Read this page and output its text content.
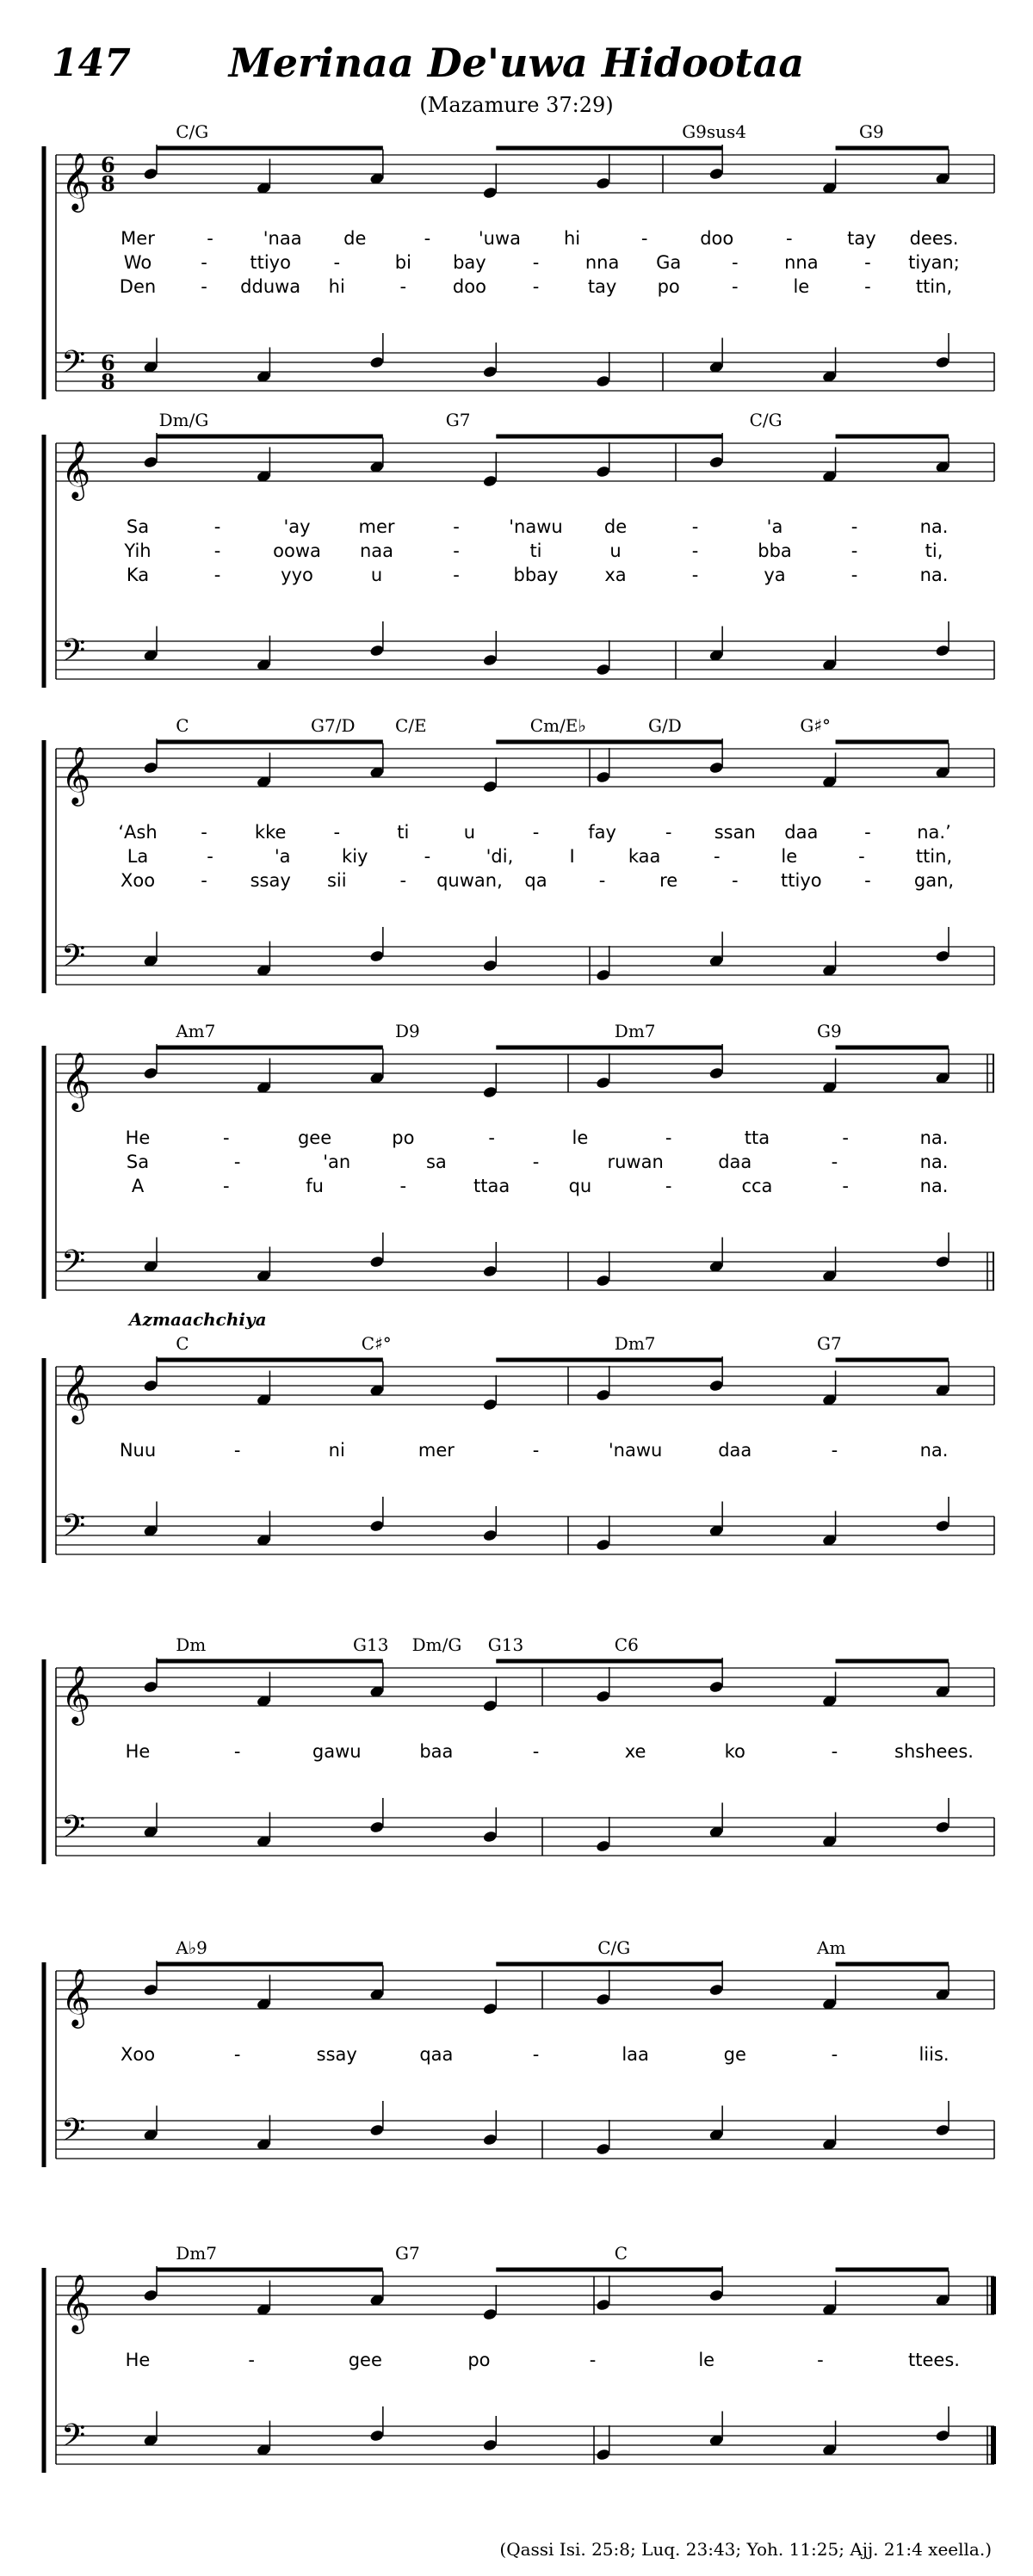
147	Merinaa De'uwa Hidootaa
(Mazamure 37:29)
𝄞
𝄢
6
8
6
8
C/G	G9sus4	G9
Mer	-	'naa de	-	'uwa hi	-	doo	-	tay dees.
Wo	- ttiyo -	bi bay	-	nna Ga	-	nna	- tiyan;
Den - dduwa hi	-	doo	-	tay po	-	le	- ttin,
𝄞
𝄢
Dm/G	G7	C/G
Sa	-	'ay	mer	-	'nawu de	-	'a	-	na.
Yih	-	oowa naa	-	ti	u	-	bba	-	ti,
Ka	-	yyo	u	-	bbay	xa	-	ya	-	na.
𝄞
𝄢
C	G7/D C/E	Cm/E♭	G/D	G♯°
‘Ash -	kke	-	ti	u	-	fay	- ssan daa	-	na.’
La	-	'a	kiy	-	'di,	I	kaa	-	le	-	ttin,
Xoo	- ssay sii	- quwan, qa	-	re	- ttiyo - gan,
𝄞
𝄢
Am7	D9	Dm7	G9
He	-	gee	po	-	le	-	tta	-	na.
Sa	-	'an	sa	-	ruwan	daa	-	na.
A	-	fu	-	ttaa	qu	-	cca	-	na.
𝄞
𝄢
Azmaachchiya
C	C♯°	Dm7	G7
Nuu	-	ni	mer	-	'nawu	daa	-	na.
𝄞
𝄢
Dm	G13 Dm/G G13	C6
He	-	gawu	baa	-	xe	ko	-	shshees.
𝄞
𝄢
A♭9	C/G	Am
Xoo	-	ssay	qaa	-	laa	ge	-	liis.
𝄞
𝄢
Dm7	G7	C
He	-	gee	po	-	le	-	ttees.
(Qassi Isi. 25:8; Luq. 23:43; Yoh. 11:25; Ajj. 21:4 xeella.)
